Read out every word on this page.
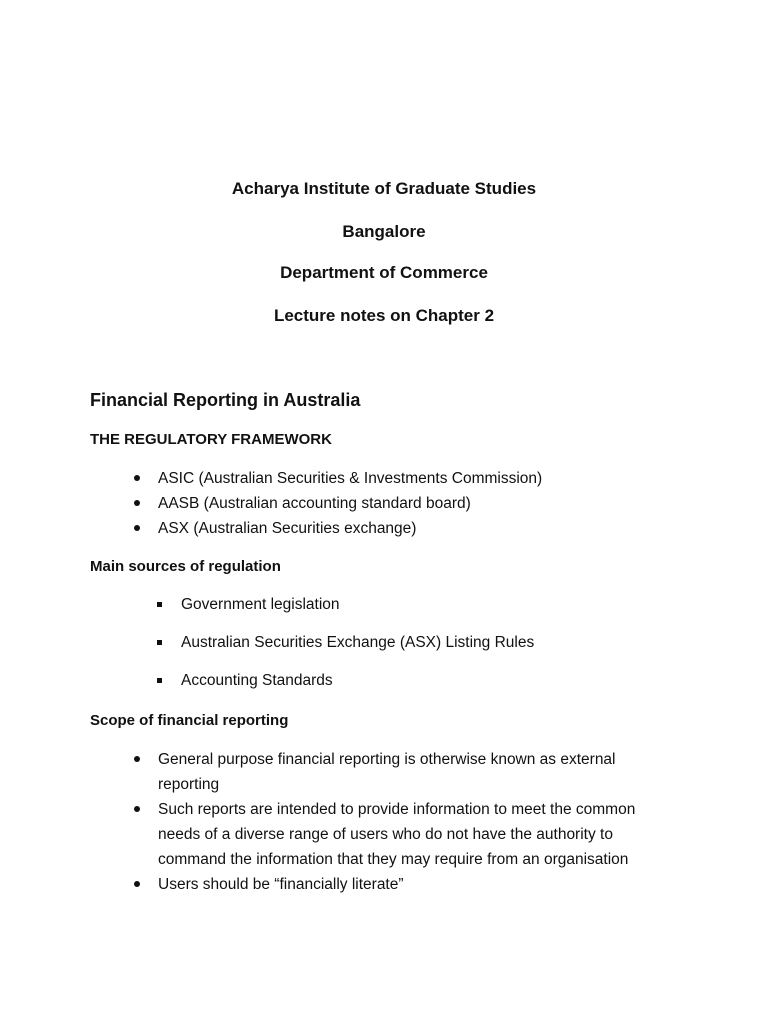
Acharya Institute of Graduate Studies
Bangalore
Department of Commerce
Lecture notes on Chapter 2
Financial Reporting in Australia
THE REGULATORY FRAMEWORK
ASIC (Australian Securities & Investments Commission)
AASB (Australian accounting standard board)
ASX (Australian Securities exchange)
Main sources of regulation
Government legislation
Australian Securities Exchange (ASX) Listing Rules
Accounting Standards
Scope of financial reporting
General purpose financial reporting is otherwise known as external reporting
Such reports are intended to provide information to meet the common needs of a diverse range of users who do not have the authority to command the information that they may require from an organisation
Users should be “financially literate”
